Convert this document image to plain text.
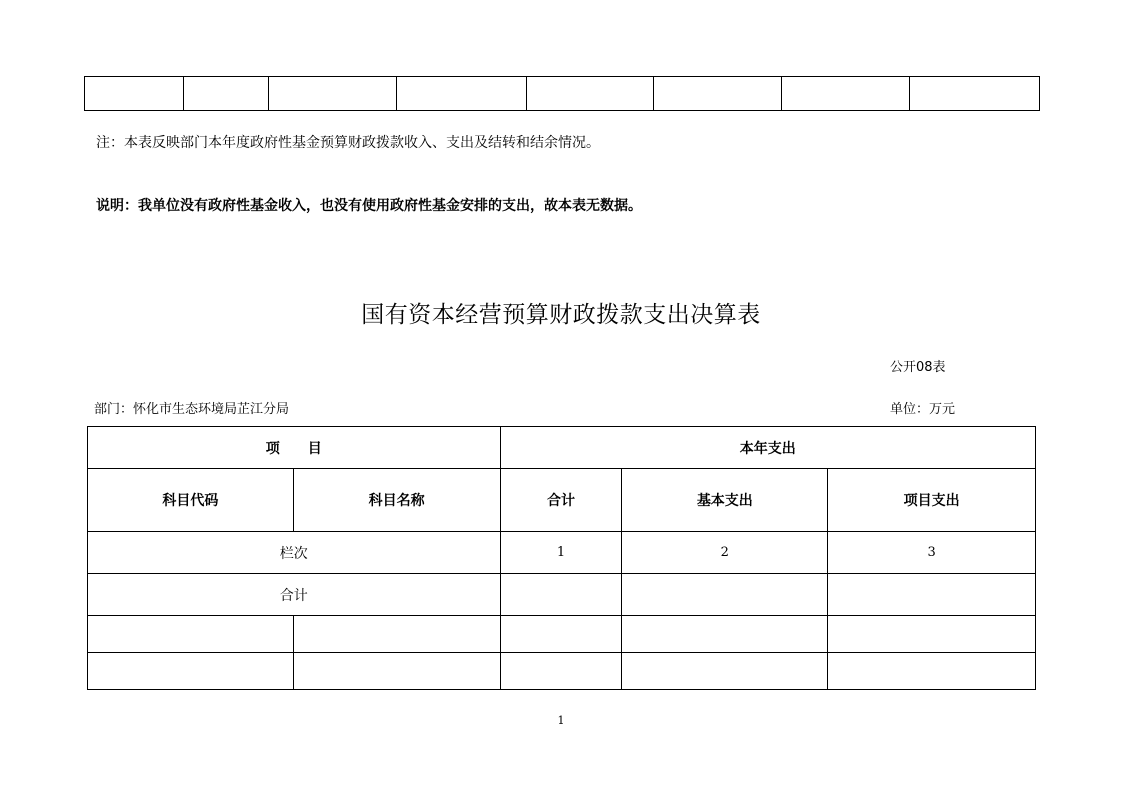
注：本表反映部门本年度政府性基金预算财政拨款收入、支出及结转和结余情况。
说明：我单位没有政府性基金收入，也没有使用政府性基金安排的支出，故本表无数据。
国有资本经营预算财政拨款支出决算表
公开08表
部门：怀化市生态环境局芷江分局	单位：万元
项　　目		本年支出		
科目代码	科目名称	合计	基本支出	项目支出
栏次		1	2	3
合计				

1
